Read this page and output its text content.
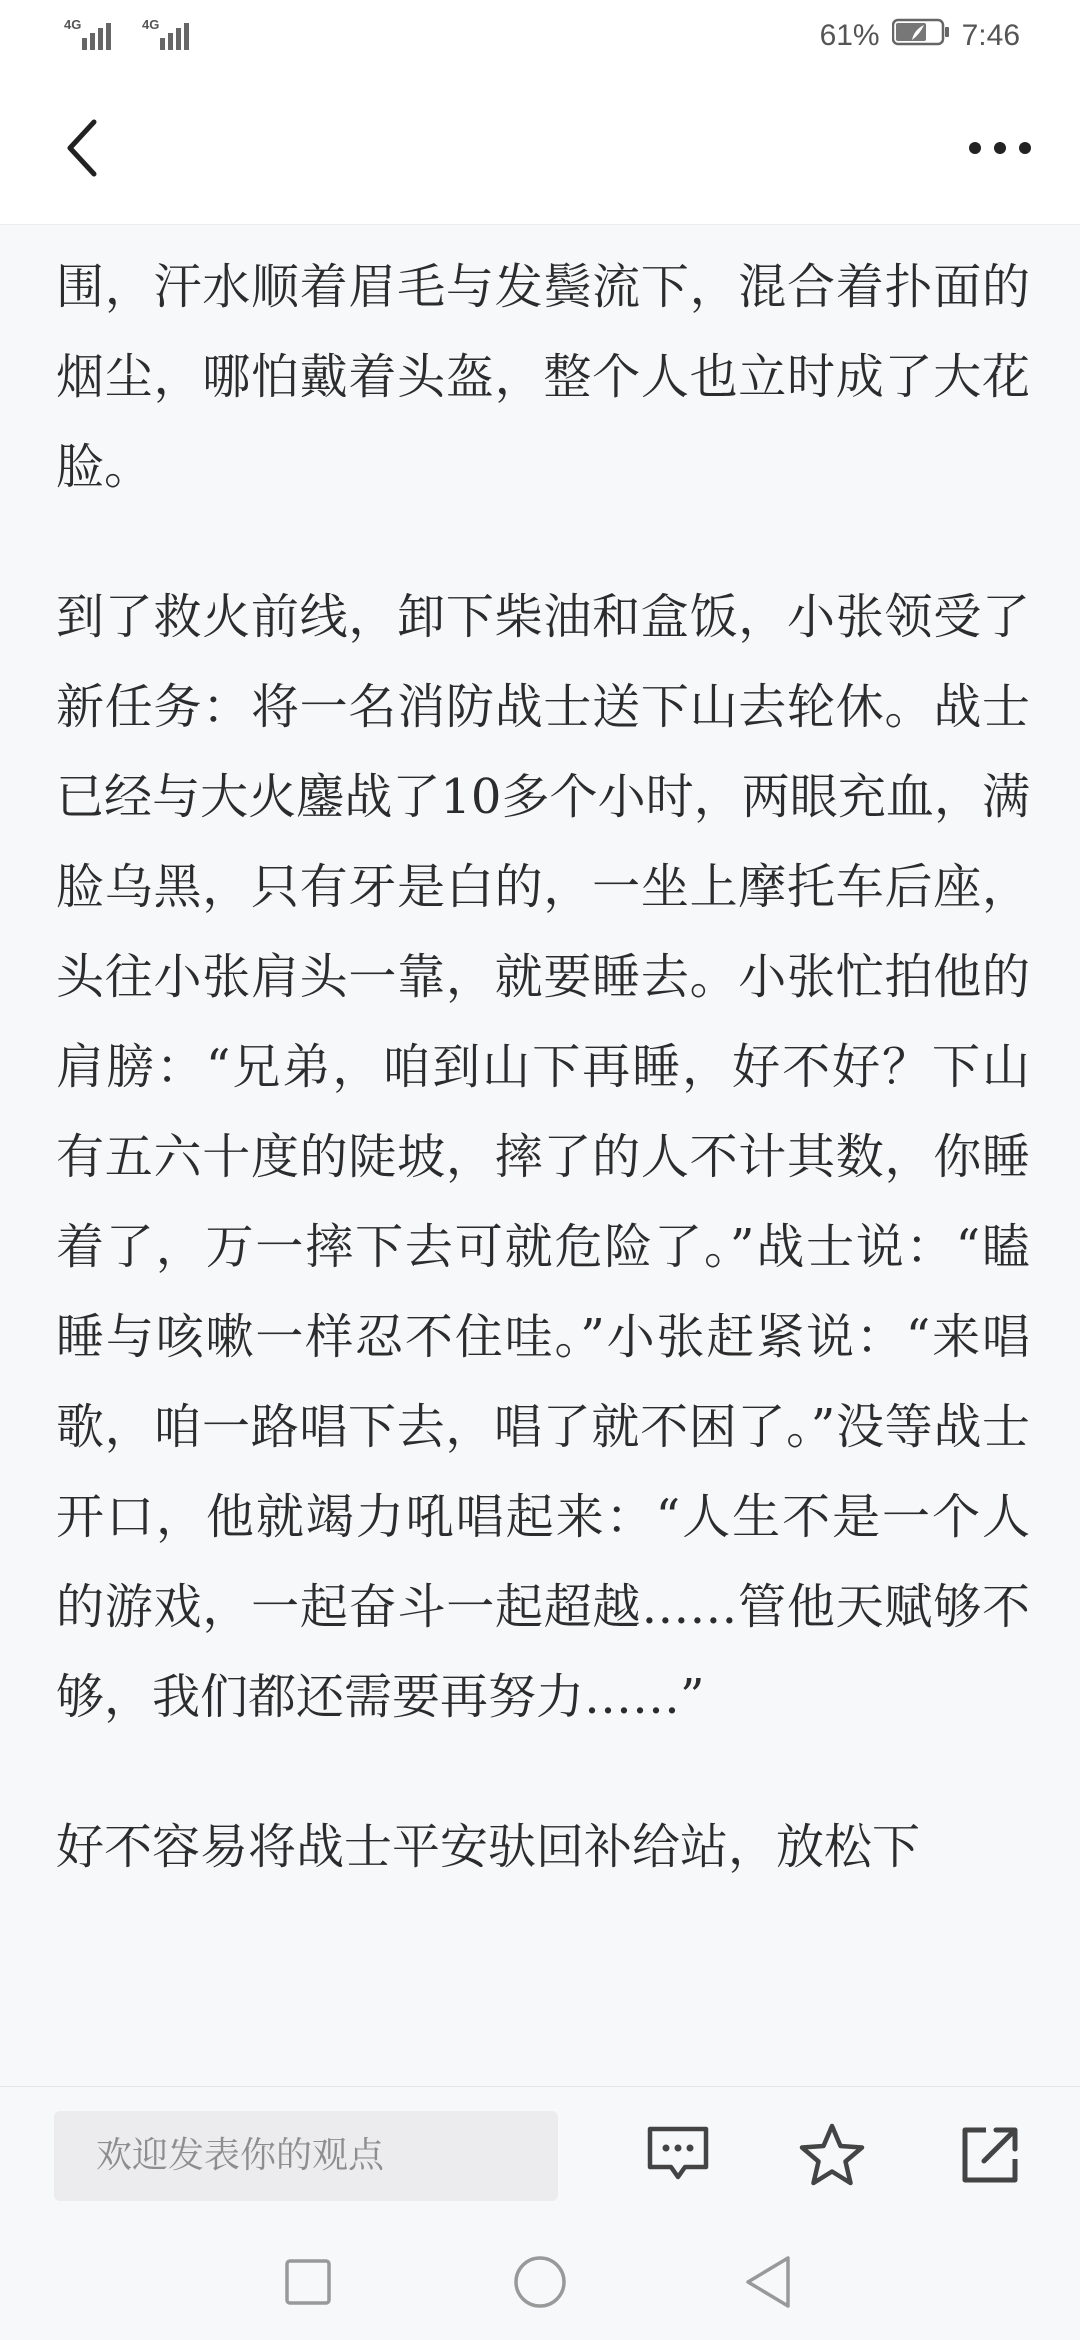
4G	4G	61%	7:46

围，汗水顺着眉毛与发鬓流下，混合着扑面的烟尘，哪怕戴着头盔，整个人也立时成了大花脸。

到了救火前线，卸下柴油和盒饭，小张领受了新任务：将一名消防战士送下山去轮休。战士已经与大火鏖战了10多个小时，两眼充血，满脸乌黑，只有牙是白的，一坐上摩托车后座，头往小张肩头一靠，就要睡去。小张忙拍他的肩膀：“兄弟，咱到山下再睡，好不好？下山有五六十度的陡坡，摔了的人不计其数，你睡着了，万一摔下去可就危险了。”战士说：“瞌睡与咳嗽一样忍不住哇。”小张赶紧说：“来唱歌，咱一路唱下去，唱了就不困了。”没等战士开口，他就竭力吼唱起来：“人生不是一个人的游戏，一起奋斗一起超越……管他天赋够不够，我们都还需要再努力……”

好不容易将战士平安驮回补给站，放松下

欢迎发表你的观点
